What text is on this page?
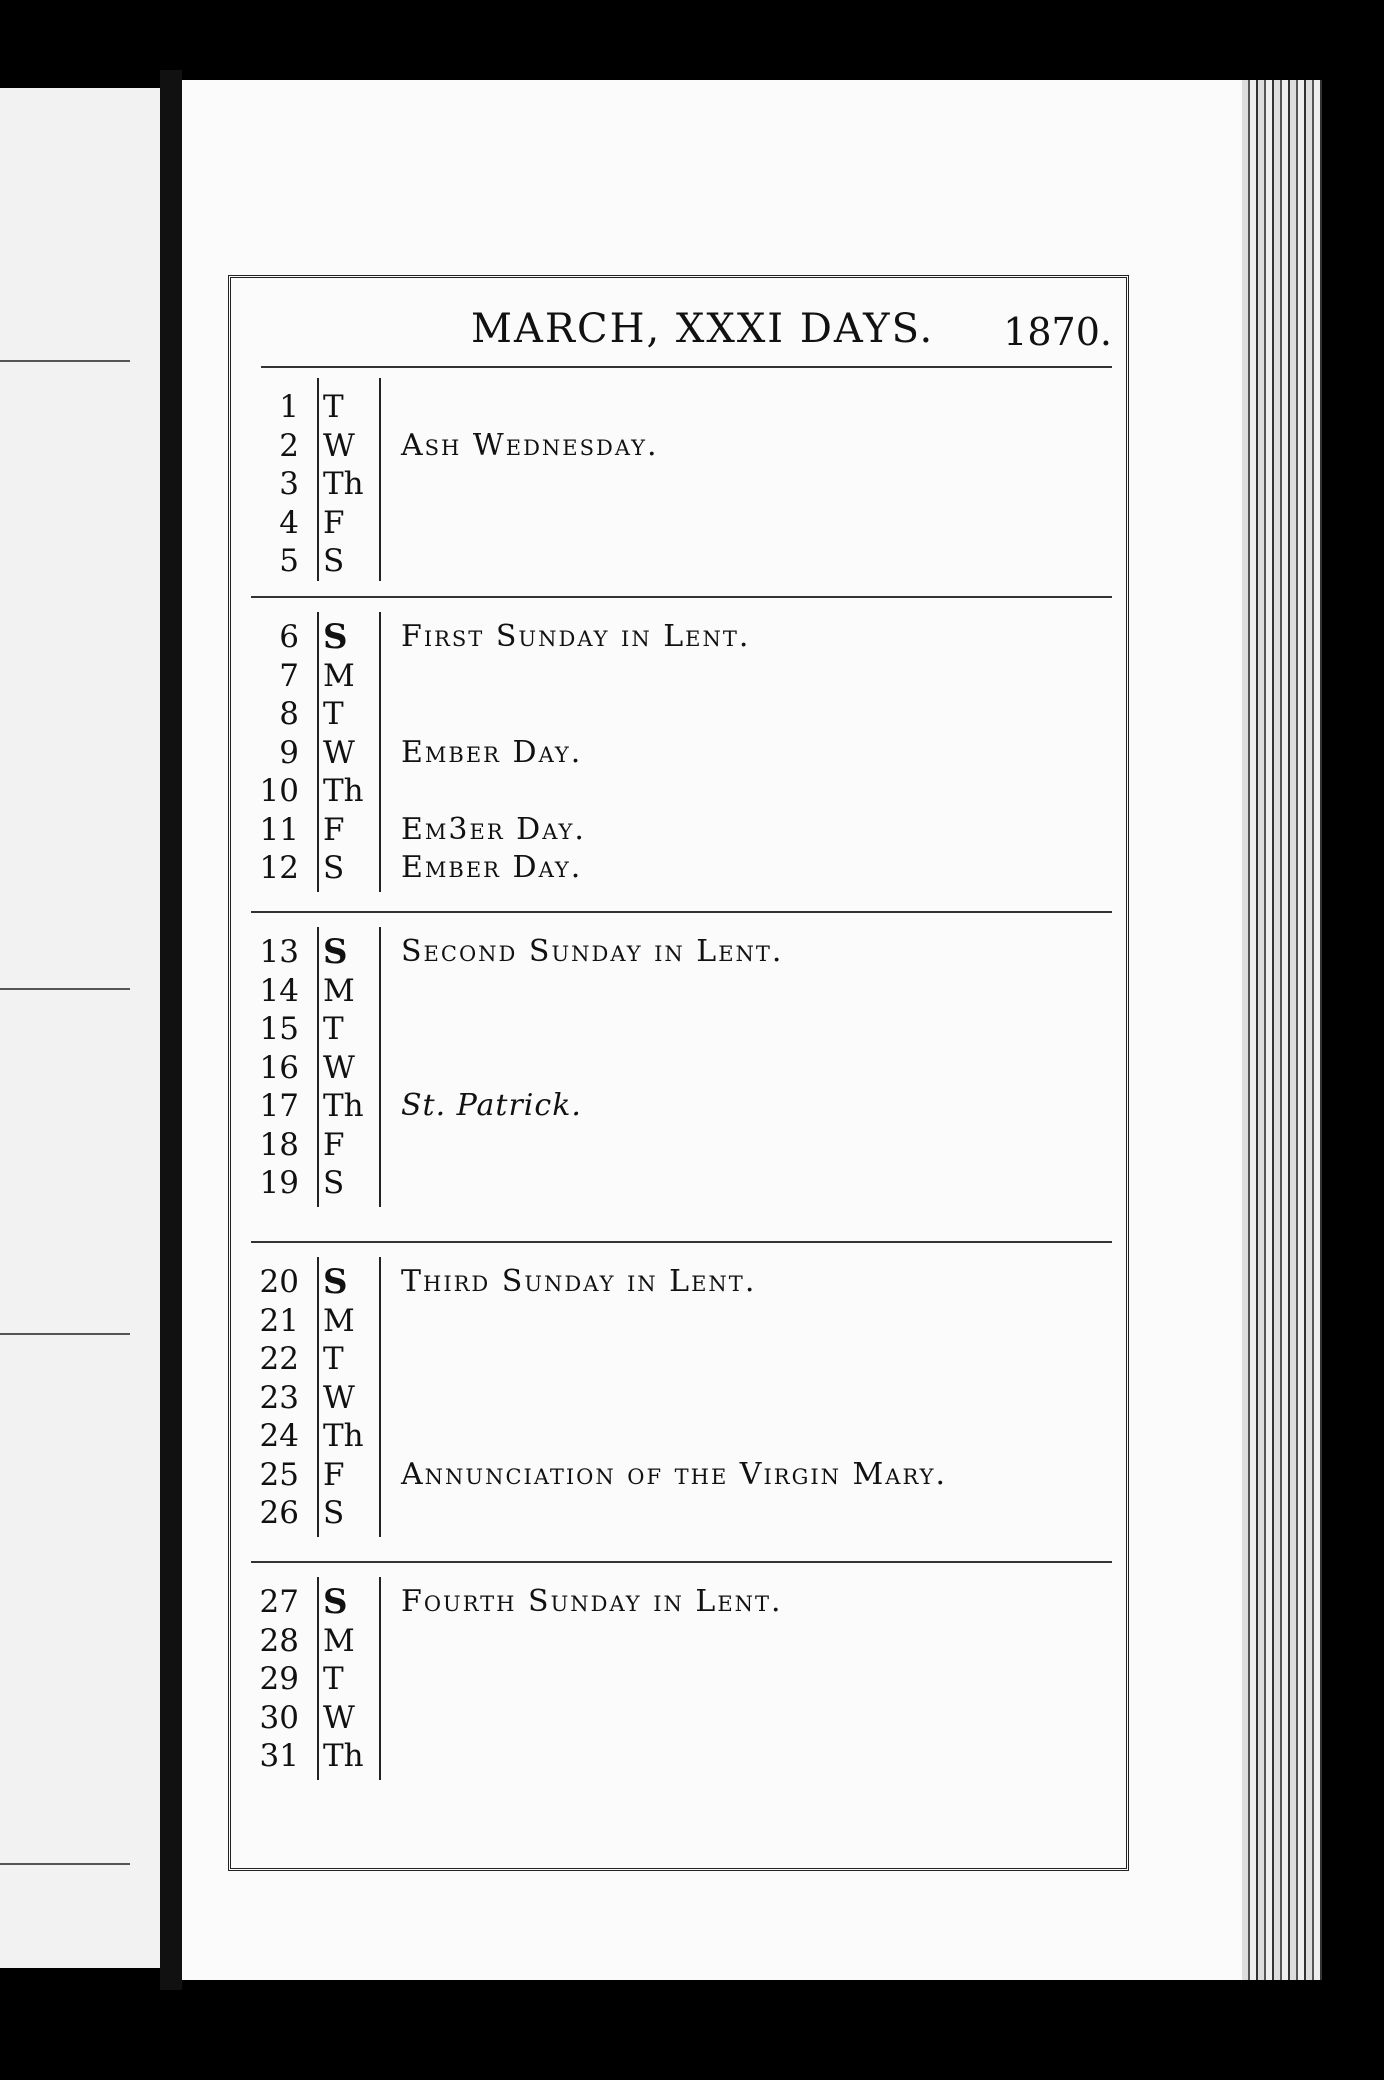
MARCH, XXXI DAYS. 1870.
1 T
2 W Ash Wednesday.
3 Th
4 F
5 S
6 S First Sunday in Lent.
7 M
8 T
9 W Ember Day.
10 Th
11 F Em3er Day.
12 S Ember Day.
13 S Second Sunday in Lent.
14 M
15 T
16 W
17 Th St. Patrick.
18 F
19 S
20 S Third Sunday in Lent.
21 M
22 T
23 W
24 Th
25 F Annunciation of the Virgin Mary.
26 S
27 S Fourth Sunday in Lent.
28 M
29 T
30 W
31 Th
